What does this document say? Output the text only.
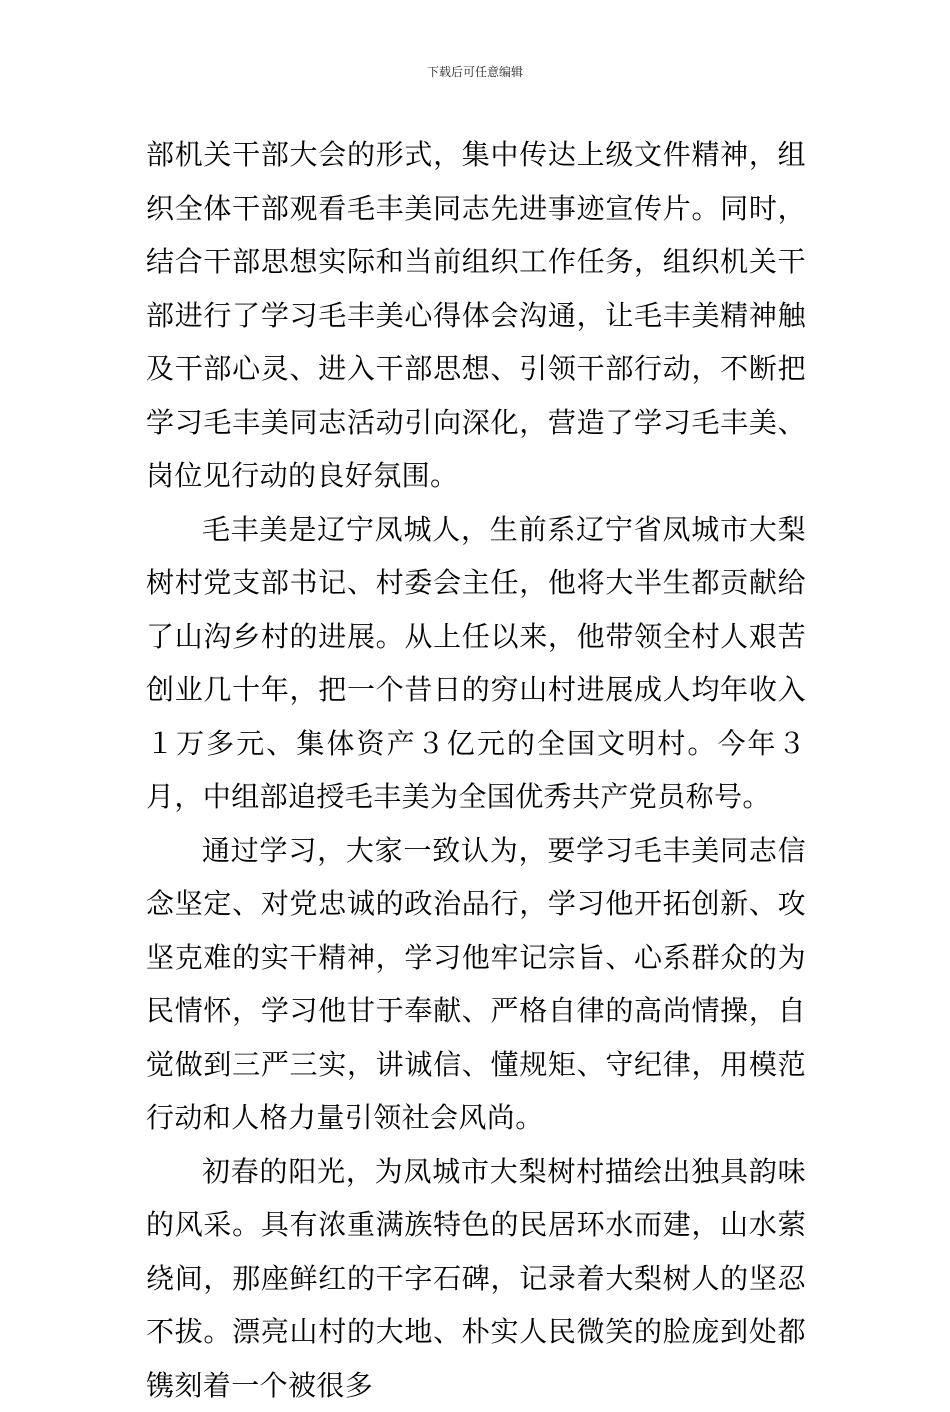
下载后可任意编辑

部机关干部大会的形式，集中传达上级文件精神，组织全体干部观看毛丰美同志先进事迹宣传片。同时，结合干部思想实际和当前组织工作任务，组织机关干部进行了学习毛丰美心得体会沟通，让毛丰美精神触及干部心灵、进入干部思想、引领干部行动，不断把学习毛丰美同志活动引向深化，营造了学习毛丰美、岗位见行动的良好氛围。

毛丰美是辽宁凤城人，生前系辽宁省凤城市大梨树村党支部书记、村委会主任，他将大半生都贡献给了山沟乡村的进展。从上任以来，他带领全村人艰苦创业几十年，把一个昔日的穷山村进展成人均年收入１万多元、集体资产３亿元的全国文明村。今年３月，中组部追授毛丰美为全国优秀共产党员称号。

通过学习，大家一致认为，要学习毛丰美同志信念坚定、对党忠诚的政治品行，学习他开拓创新、攻坚克难的实干精神，学习他牢记宗旨、心系群众的为民情怀，学习他甘于奉献、严格自律的高尚情操，自觉做到三严三实，讲诚信、懂规矩、守纪律，用模范行动和人格力量引领社会风尚。

初春的阳光，为凤城市大梨树村描绘出独具韵味的风采。具有浓重满族特色的民居环水而建，山水萦绕间，那座鲜红的干字石碑，记录着大梨树人的坚忍不拔。漂亮山村的大地、朴实人民微笑的脸庞到处都镌刻着一个被很多
